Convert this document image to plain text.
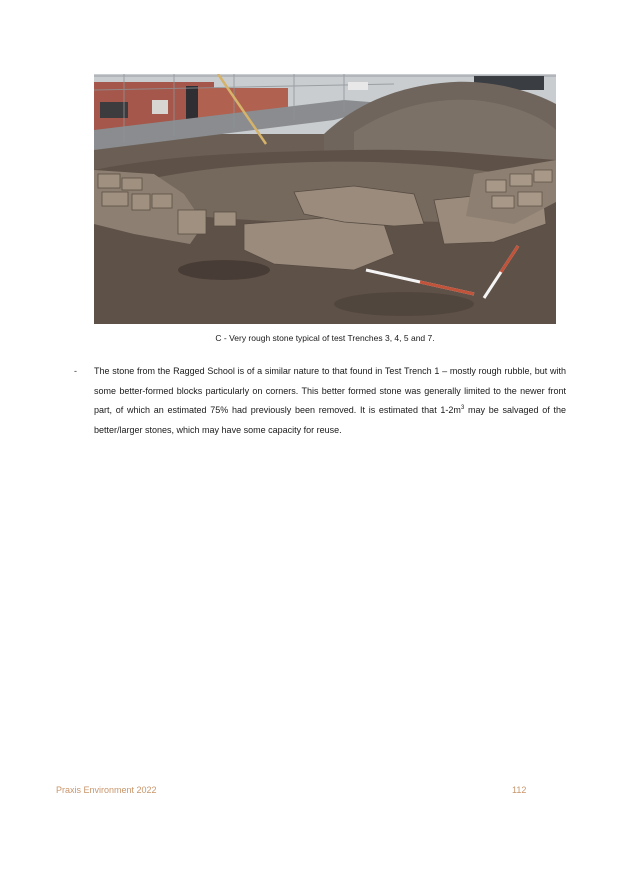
C - Very rough stone typical of test Trenches 3, 4, 5 and 7.
- The stone from the Ragged School is of a similar nature to that found in Test Trench 1 – mostly rough rubble, but with some better-formed blocks particularly on corners. This better formed stone was generally limited to the newer front part, of which an estimated 75% had previously been removed. It is estimated that $1-2m^3$ may be salvaged of the better/larger stones, which may have some capacity for reuse.
Praxis Environment 2022	112
